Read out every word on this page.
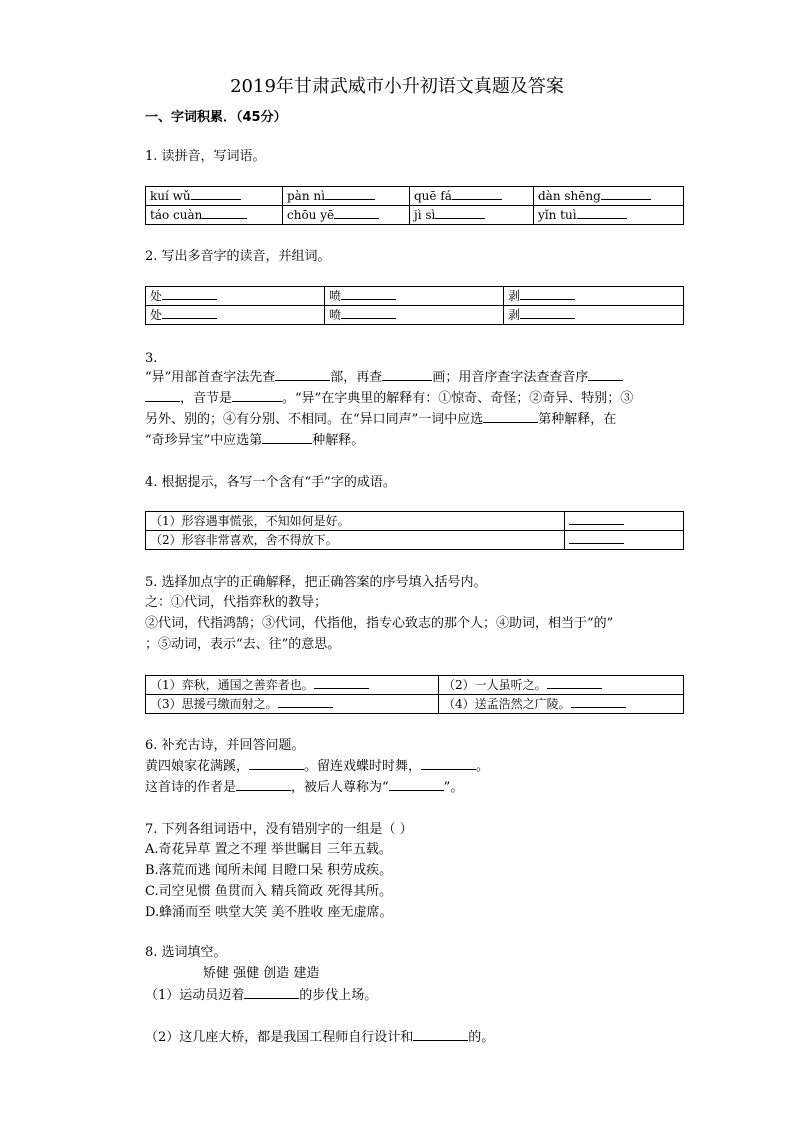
2019年甘肃武威市小升初语文真题及答案
一、字词积累．（45分）
1. 读拼音，写词语。
kuí wǔ	pàn nì	quē fá	dàn shēng
táo cuàn	chōu yē	jì sì	yǐn tuì
2. 写出多音字的读音，并组词。
处	喷	剥
处	喷	剥
3.
“异”用部首查字法先查	部，再查	画；用音序查字法查查音序
，音节是	。“异”在字典里的解释有：①惊奇、奇怪；②奇异、特别；③
另外、别的；④有分别、不相同。在“异口同声”一词中应选	第种解释，在
“奇珍异宝”中应选第	种解释。
4. 根据提示，各写一个含有“手”字的成语。
（1）形容遇事慌张，不知如何是好。	
（2）形容非常喜欢，舍不得放下。	
5. 选择加点字的正确解释，把正确答案的序号填入括号内。
之：①代词，代指弈秋的教导；
②代词，代指鸿鹄；③代词，代指他，指专心致志的那个人；④助词，相当于“的”
；⑤动词，表示“去、往”的意思。
（1）弈秋，通国之善弈者也。	（2）一人虽听之。
（3）思援弓缴而射之。	（4）送孟浩然之广陵。
6. 补充古诗，并回答问题。
黄四娘家花满蹊，	。留连戏蝶时时舞，	。
这首诗的作者是	，被后人尊称为“	”。
7. 下列各组词语中，没有错别字的一组是（ ）
A.奇花异草 置之不理 举世瞩目 三年五载。
B.落荒而逃 闻所未闻 目瞪口呆 积劳成疾。
C.司空见惯 鱼贯而入 精兵简政 死得其所。
D.蜂涌而至 哄堂大笑 美不胜收 座无虚席。
8. 选词填空。
矫健 强健 创造 建造
（1）运动员迈着	的步伐上场。
（2）这几座大桥，都是我国工程师自行设计和	的。
